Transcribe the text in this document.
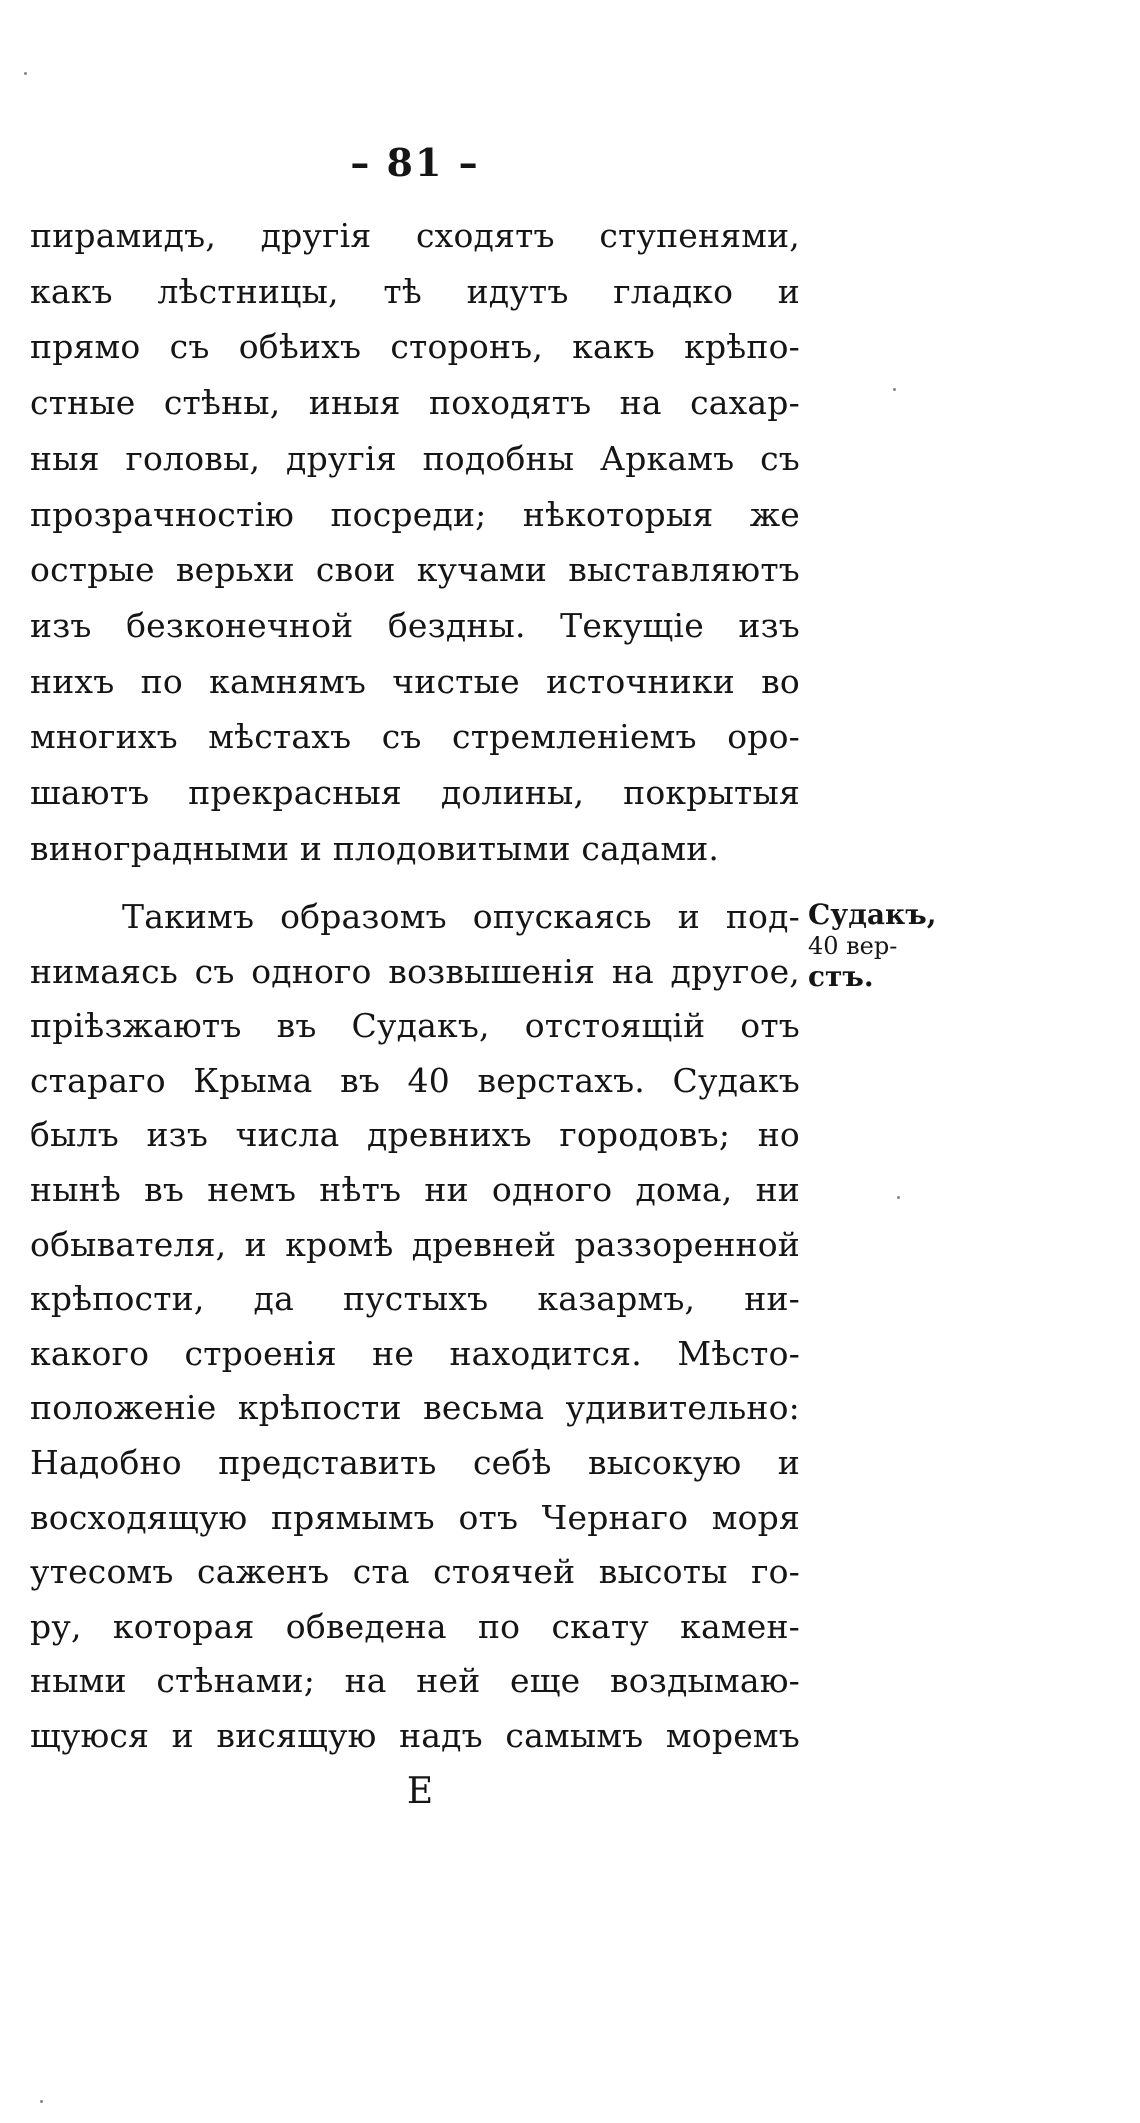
– 81 –
пирамидъ, другія сходятъ ступенями,
какъ лѣстницы, тѣ идутъ гладко и
прямо съ обѣихъ сторонъ, какъ крѣпо-
стные стѣны, иныя походятъ на сахар-
ныя головы, другія подобны Аркамъ съ
прозрачностію посреди; нѣкоторыя же
острые верьхи свои кучами выставляютъ
изъ безконечной бездны. Текущіе изъ
нихъ по камнямъ чистые источники во
многихъ мѣстахъ съ стремленіемъ оро-
шаютъ прекрасныя долины, покрытыя
виноградными и плодовитыми садами.
Такимъ образомъ опускаясь и под-
нимаясь съ одного возвышенія на другое,
пріѣзжаютъ въ Судакъ, отстоящій отъ
стараго Крыма въ 40 верстахъ. Судакъ
былъ изъ числа древнихъ городовъ; но
нынѣ въ немъ нѣтъ ни одного дома, ни
обывателя, и кромѣ древней раззоренной
крѣпости, да пустыхъ казармъ, ни-
какого строенія не находится. Мѣсто-
положеніе крѣпости весьма удивительно:
Надобно представить себѣ высокую и
восходящую прямымъ отъ Чернаго моря
утесомъ саженъ ста стоячей высоты го-
ру, которая обведена по скату камен-
ными стѣнами; на ней еще воздымаю-
щуюся и висящую надъ самымъ моремъ
Судакъ,
40 вер-
стъ.
E
